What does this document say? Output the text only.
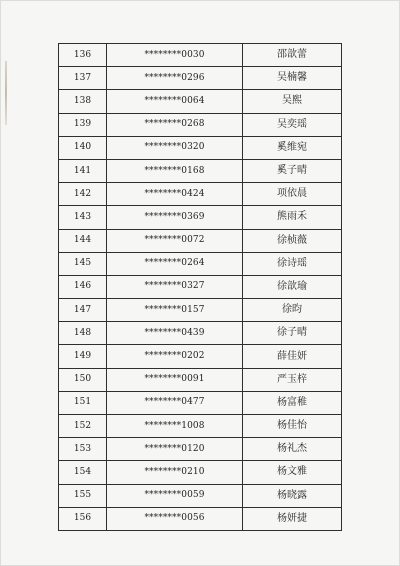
136	********0030	邵歆蕾
137	********0296	吴楠馨
138	********0064	吴熙
139	********0268	吴奕瑶
140	********0320	奚维宛
141	********0168	奚子晴
142	********0424	项依晨
143	********0369	熊雨禾
144	********0072	徐桢薇
145	********0264	徐诗瑶
146	********0327	徐歆瑜
147	********0157	徐昀
148	********0439	徐子晴
149	********0202	薛佳妍
150	********0091	严玉梓
151	********0477	杨富稚
152	********1008	杨佳怡
153	********0120	杨礼杰
154	********0210	杨文雅
155	********0059	杨晓露
156	********0056	杨妍捷
